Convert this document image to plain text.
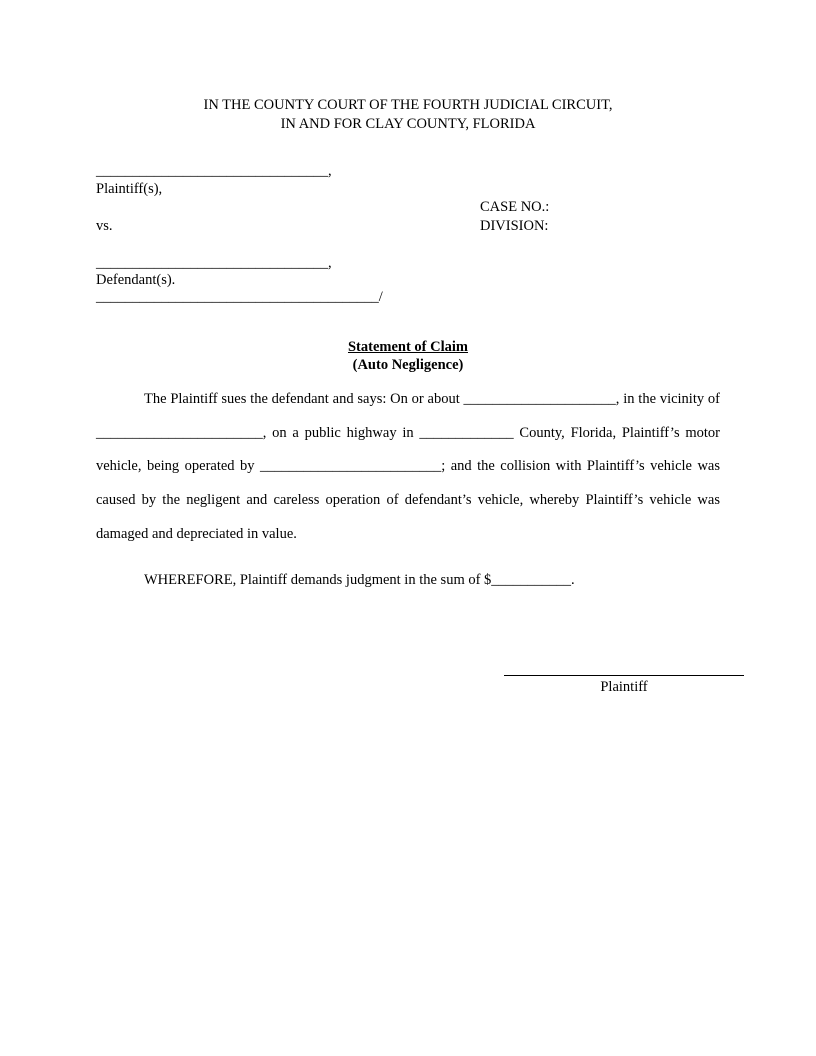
IN THE COUNTY COURT OF THE FOURTH JUDICIAL CIRCUIT,
IN AND FOR CLAY COUNTY, FLORIDA
________________________________,
Plaintiff(s),
vs.
________________________________,
Defendant(s).
_______________________________________/
CASE NO.:
DIVISION:
Statement of Claim
(Auto Negligence)
The Plaintiff sues the defendant and says: On or about _____________________, in the vicinity of _______________________, on a public highway in _____________ County, Florida, Plaintiff’s motor vehicle, being operated by _________________________; and the collision with Plaintiff’s vehicle was caused by the negligent and careless operation of defendant’s vehicle, whereby Plaintiff’s vehicle was damaged and depreciated in value.
WHEREFORE, Plaintiff demands judgment in the sum of $___________.
Plaintiff
